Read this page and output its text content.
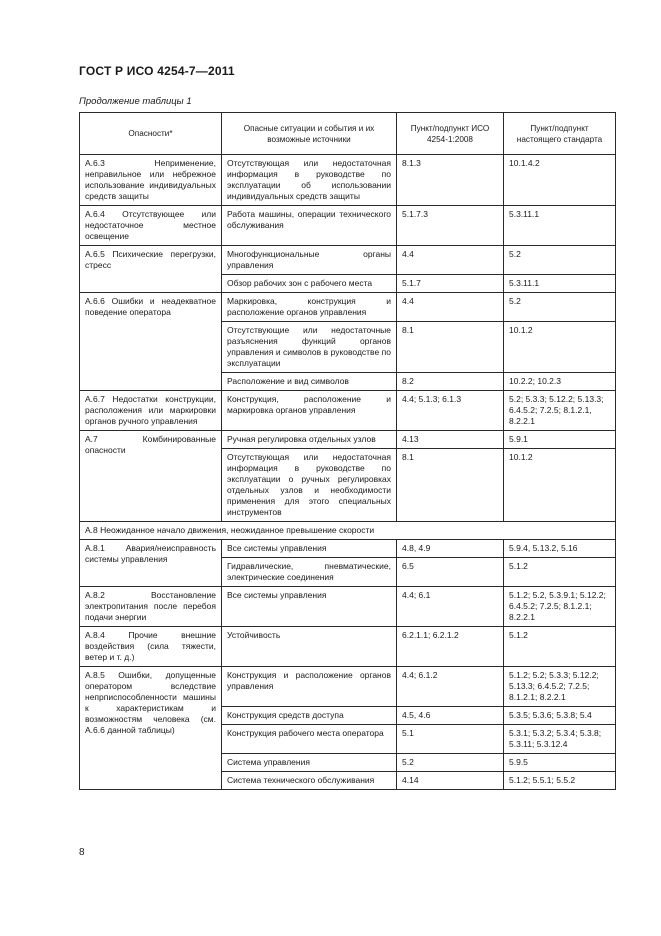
ГОСТ Р ИСО 4254-7—2011
Продолжение таблицы 1
Опасности*	Опасные ситуации и события и их возможные источники	Пункт/подпункт ИСО 4254-1:2008	Пункт/подпункт настоящего стандарта
А.6.3 Неприменение, неправильное или небрежное использование индивидуальных средств защиты	Отсутствующая или недостаточная информация в руководстве по эксплуатации об использовании индивидуальных средств защиты	8.1.3	10.1.4.2
А.6.4 Отсутствующее или недостаточное местное освещение	Работа машины, операции технического обслуживания	5.1.7.3	5.3.11.1
А.6.5 Психические перегрузки, стресс	Многофункциональные органы управления	4.4	5.2
	Обзор рабочих зон с рабочего места	5.1.7	5.3.11.1
А.6.6 Ошибки и неадекватное поведение оператора	Маркировка, конструкция и расположение органов управления	4.4	5.2
	Отсутствующие или недостаточные разъяснения функций органов управления и символов в руководстве по эксплуатации	8.1	10.1.2
	Расположение и вид символов	8.2	10.2.2; 10.2.3
А.6.7 Недостатки конструкции, расположения или маркировки органов ручного управления	Конструкция, расположение и маркировка органов управления	4.4; 5.1.3; 6.1.3	5.2; 5.3.3; 5.12.2; 5.13.3; 6.4.5.2; 7.2.5; 8.1.2.1, 8.2.2.1
А.7 Комбинированные опасности	Ручная регулировка отдельных узлов	4.13	5.9.1
	Отсутствующая или недостаточная информация в руководстве по эксплуатации о ручных регулировках отдельных узлов и необходимости применения для этого специальных инструментов	8.1	10.1.2
А.8 Неожиданное начало движения, неожиданное превышение скорости			
А.8.1 Авария/неисправность системы управления	Все системы управления	4.8, 4.9	5.9.4, 5.13.2, 5.16
	Гидравлические, пневматические, электрические соединения	6.5	5.1.2
А.8.2 Восстановление электропитания после перебоя подачи энергии	Все системы управления	4.4; 6.1	5.1.2; 5.2, 5.3.9.1; 5.12.2; 6.4.5.2; 7.2.5; 8.1.2.1; 8.2.2.1
А.8.4 Прочие внешние воздействия (сила тяжести, ветер и т. д.)	Устойчивость	6.2.1.1; 6.2.1.2	5.1.2
А.8.5 Ошибки, допущенные оператором вследствие непрписпособленности машины к характеристикам и возможностям человека (см. А.6.6 данной таблицы)	Конструкция и расположение органов управления	4.4; 6.1.2	5.1.2; 5.2; 5.3.3; 5.12.2; 5.13.3; 6.4.5.2; 7.2.5; 8.1.2.1; 8.2.2.1
	Конструкция средств доступа	4.5, 4.6	5.3.5; 5.3.6; 5.3.8; 5.4
	Конструкция рабочего места оператора	5.1	5.3.1; 5.3.2; 5.3.4; 5.3.8; 5.3.11; 5.3.12.4
	Система управления	5.2	5.9.5
	Система технического обслуживания	4.14	5.1.2; 5.5.1; 5.5.2
8
